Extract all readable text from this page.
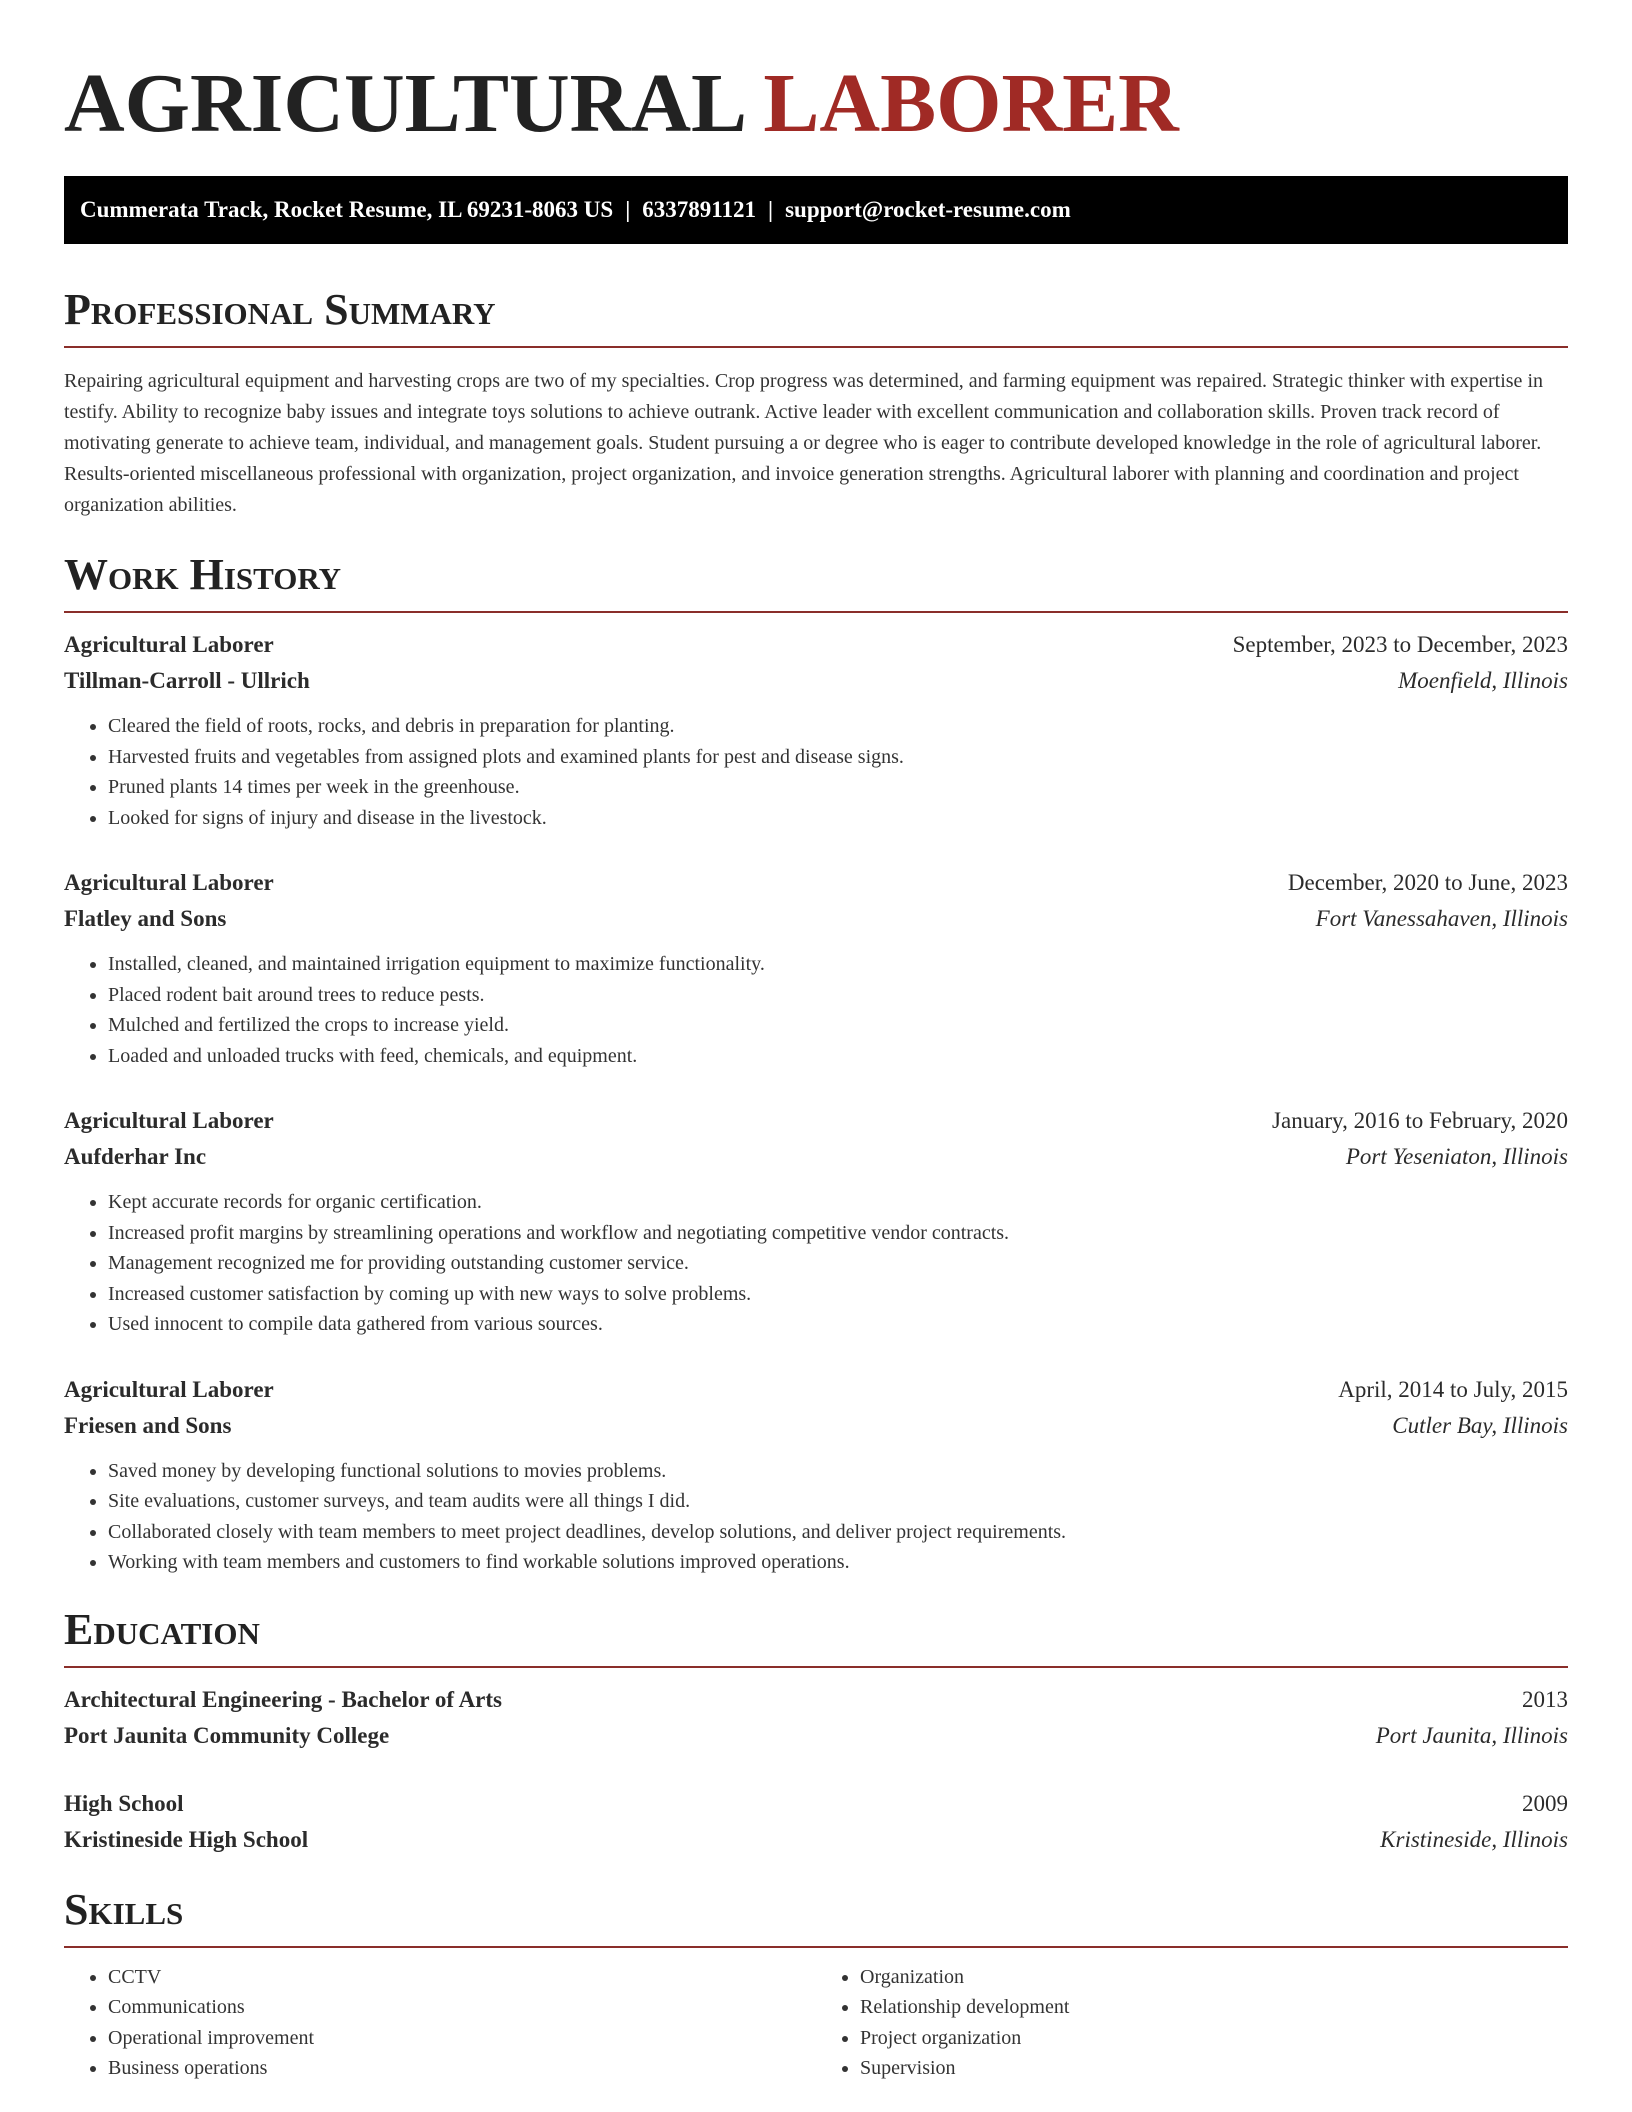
AGRICULTURAL LABORER
Cummerata Track, Rocket Resume, IL 69231-8063 US | 6337891121 | support@rocket-resume.com
Professional Summary
Repairing agricultural equipment and harvesting crops are two of my specialties. Crop progress was determined, and farming equipment was repaired. Strategic thinker with expertise in testify. Ability to recognize baby issues and integrate toys solutions to achieve outrank. Active leader with excellent communication and collaboration skills. Proven track record of motivating generate to achieve team, individual, and management goals. Student pursuing a or degree who is eager to contribute developed knowledge in the role of agricultural laborer. Results-oriented miscellaneous professional with organization, project organization, and invoice generation strengths. Agricultural laborer with planning and coordination and project organization abilities.
Work History
Agricultural Laborer	September, 2023 to December, 2023
Tillman-Carroll - Ullrich	Moenfield, Illinois
• Cleared the field of roots, rocks, and debris in preparation for planting.
• Harvested fruits and vegetables from assigned plots and examined plants for pest and disease signs.
• Pruned plants 14 times per week in the greenhouse.
• Looked for signs of injury and disease in the livestock.
Agricultural Laborer	December, 2020 to June, 2023
Flatley and Sons	Fort Vanessahaven, Illinois
• Installed, cleaned, and maintained irrigation equipment to maximize functionality.
• Placed rodent bait around trees to reduce pests.
• Mulched and fertilized the crops to increase yield.
• Loaded and unloaded trucks with feed, chemicals, and equipment.
Agricultural Laborer	January, 2016 to February, 2020
Aufderhar Inc	Port Yeseniaton, Illinois
• Kept accurate records for organic certification.
• Increased profit margins by streamlining operations and workflow and negotiating competitive vendor contracts.
• Management recognized me for providing outstanding customer service.
• Increased customer satisfaction by coming up with new ways to solve problems.
• Used innocent to compile data gathered from various sources.
Agricultural Laborer	April, 2014 to July, 2015
Friesen and Sons	Cutler Bay, Illinois
• Saved money by developing functional solutions to movies problems.
• Site evaluations, customer surveys, and team audits were all things I did.
• Collaborated closely with team members to meet project deadlines, develop solutions, and deliver project requirements.
• Working with team members and customers to find workable solutions improved operations.
Education
Architectural Engineering - Bachelor of Arts	2013
Port Jaunita Community College	Port Jaunita, Illinois
High School	2009
Kristineside High School	Kristineside, Illinois
Skills
• CCTV
• Communications
• Operational improvement
• Business operations
• Organization
• Relationship development
• Project organization
• Supervision
